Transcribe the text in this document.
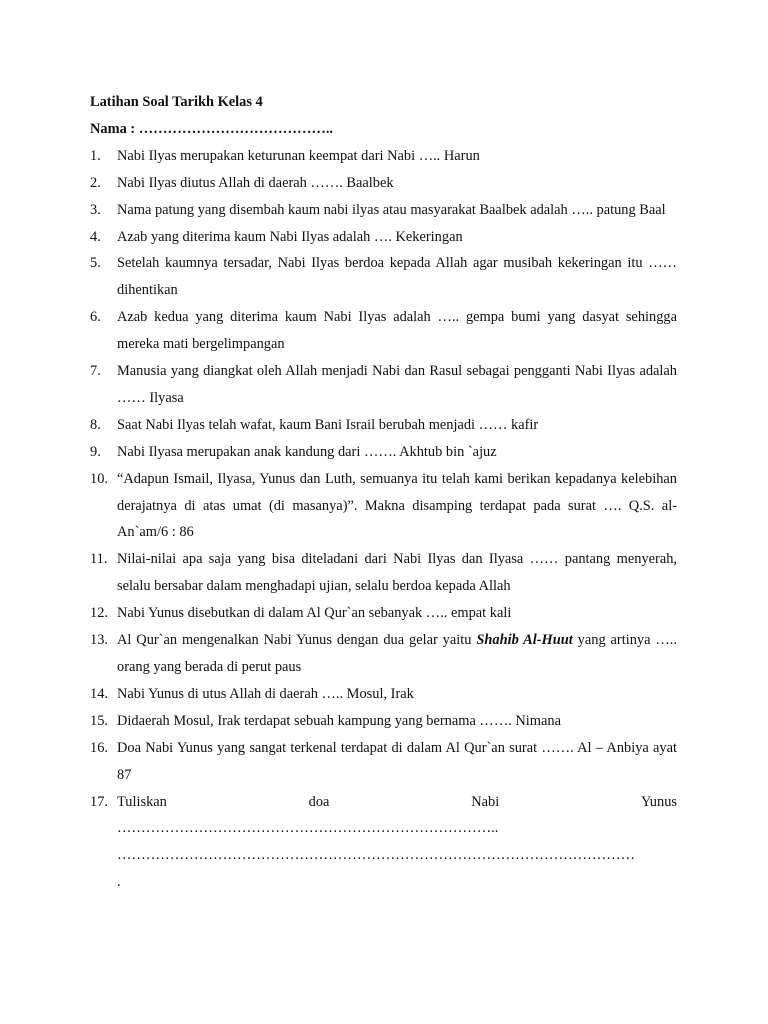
Latihan Soal Tarikh Kelas 4
Nama : …………………………………..
1. Nabi Ilyas merupakan keturunan keempat dari Nabi ….. Harun
2. Nabi Ilyas diutus Allah di daerah ……. Baalbek
3. Nama patung yang disembah kaum nabi ilyas atau masyarakat Baalbek adalah ….. patung Baal
4. Azab yang diterima kaum Nabi Ilyas adalah …. Kekeringan
5. Setelah kaumnya tersadar, Nabi Ilyas berdoa kepada Allah agar musibah kekeringan itu …… dihentikan
6. Azab kedua yang diterima kaum Nabi Ilyas adalah ….. gempa bumi yang dasyat sehingga mereka mati bergelimpangan
7. Manusia yang diangkat oleh Allah menjadi Nabi dan Rasul sebagai pengganti Nabi Ilyas adalah …… Ilyasa
8. Saat Nabi Ilyas telah wafat, kaum Bani Israil berubah menjadi …… kafir
9. Nabi Ilyasa merupakan anak kandung dari ……. Akhtub bin `ajuz
10. “Adapun Ismail, Ilyasa, Yunus dan Luth, semuanya itu telah kami berikan kepadanya kelebihan derajatnya di atas umat (di masanya)”. Makna disamping terdapat pada surat …. Q.S. al-An`am/6 : 86
11. Nilai-nilai apa saja yang bisa diteladani dari Nabi Ilyas dan Ilyasa …… pantang menyerah, selalu bersabar dalam menghadapi ujian, selalu berdoa kepada Allah
12. Nabi Yunus disebutkan di dalam Al Qur`an sebanyak ….. empat kali
13. Al Qur`an mengenalkan Nabi Yunus dengan dua gelar yaitu Shahib Al-Huut yang artinya ….. orang yang berada di perut paus
14. Nabi Yunus di utus Allah di daerah ….. Mosul, Irak
15. Didaerah Mosul, Irak terdapat sebuah kampung yang bernama ……. Nimana
16. Doa Nabi Yunus yang sangat terkenal terdapat di dalam Al Qur`an surat ……. Al – Anbiya ayat 87
17. Tuliskan	doa	Nabi	Yunus
……………………………………………………………………..
………………………………………………………………………………………………
.
